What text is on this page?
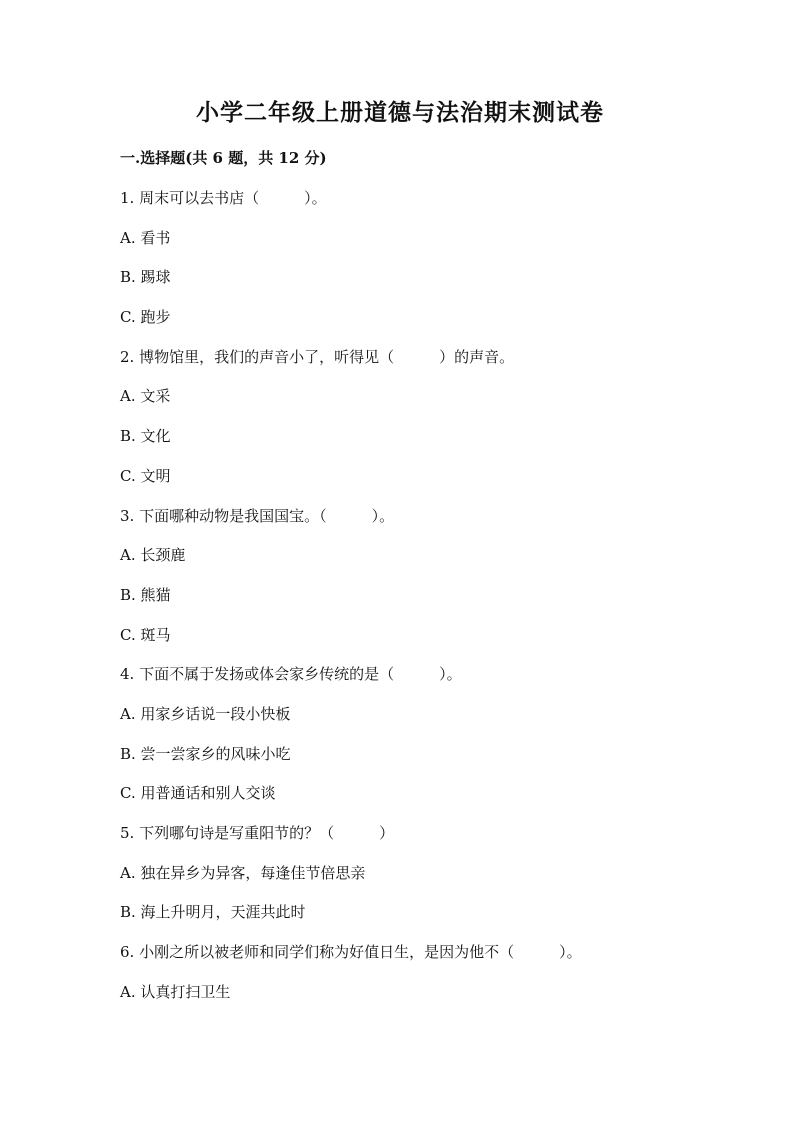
小学二年级上册道德与法治期末测试卷
一.选择题(共 6 题，共 12 分)
1. 周末可以去书店（　　　）。
A. 看书
B. 踢球
C. 跑步
2. 博物馆里，我们的声音小了，听得见（　　　）的声音。
A. 文采
B. 文化
C. 文明
3. 下面哪种动物是我国国宝。（　　　）。
A. 长颈鹿
B. 熊猫
C. 斑马
4. 下面不属于发扬或体会家乡传统的是（　　　）。
A. 用家乡话说一段小快板
B. 尝一尝家乡的风味小吃
C. 用普通话和别人交谈
5. 下列哪句诗是写重阳节的？（　　　）
A. 独在异乡为异客，每逢佳节倍思亲
B. 海上升明月，天涯共此时
6. 小刚之所以被老师和同学们称为好值日生，是因为他不（　　　）。
A. 认真打扫卫生
